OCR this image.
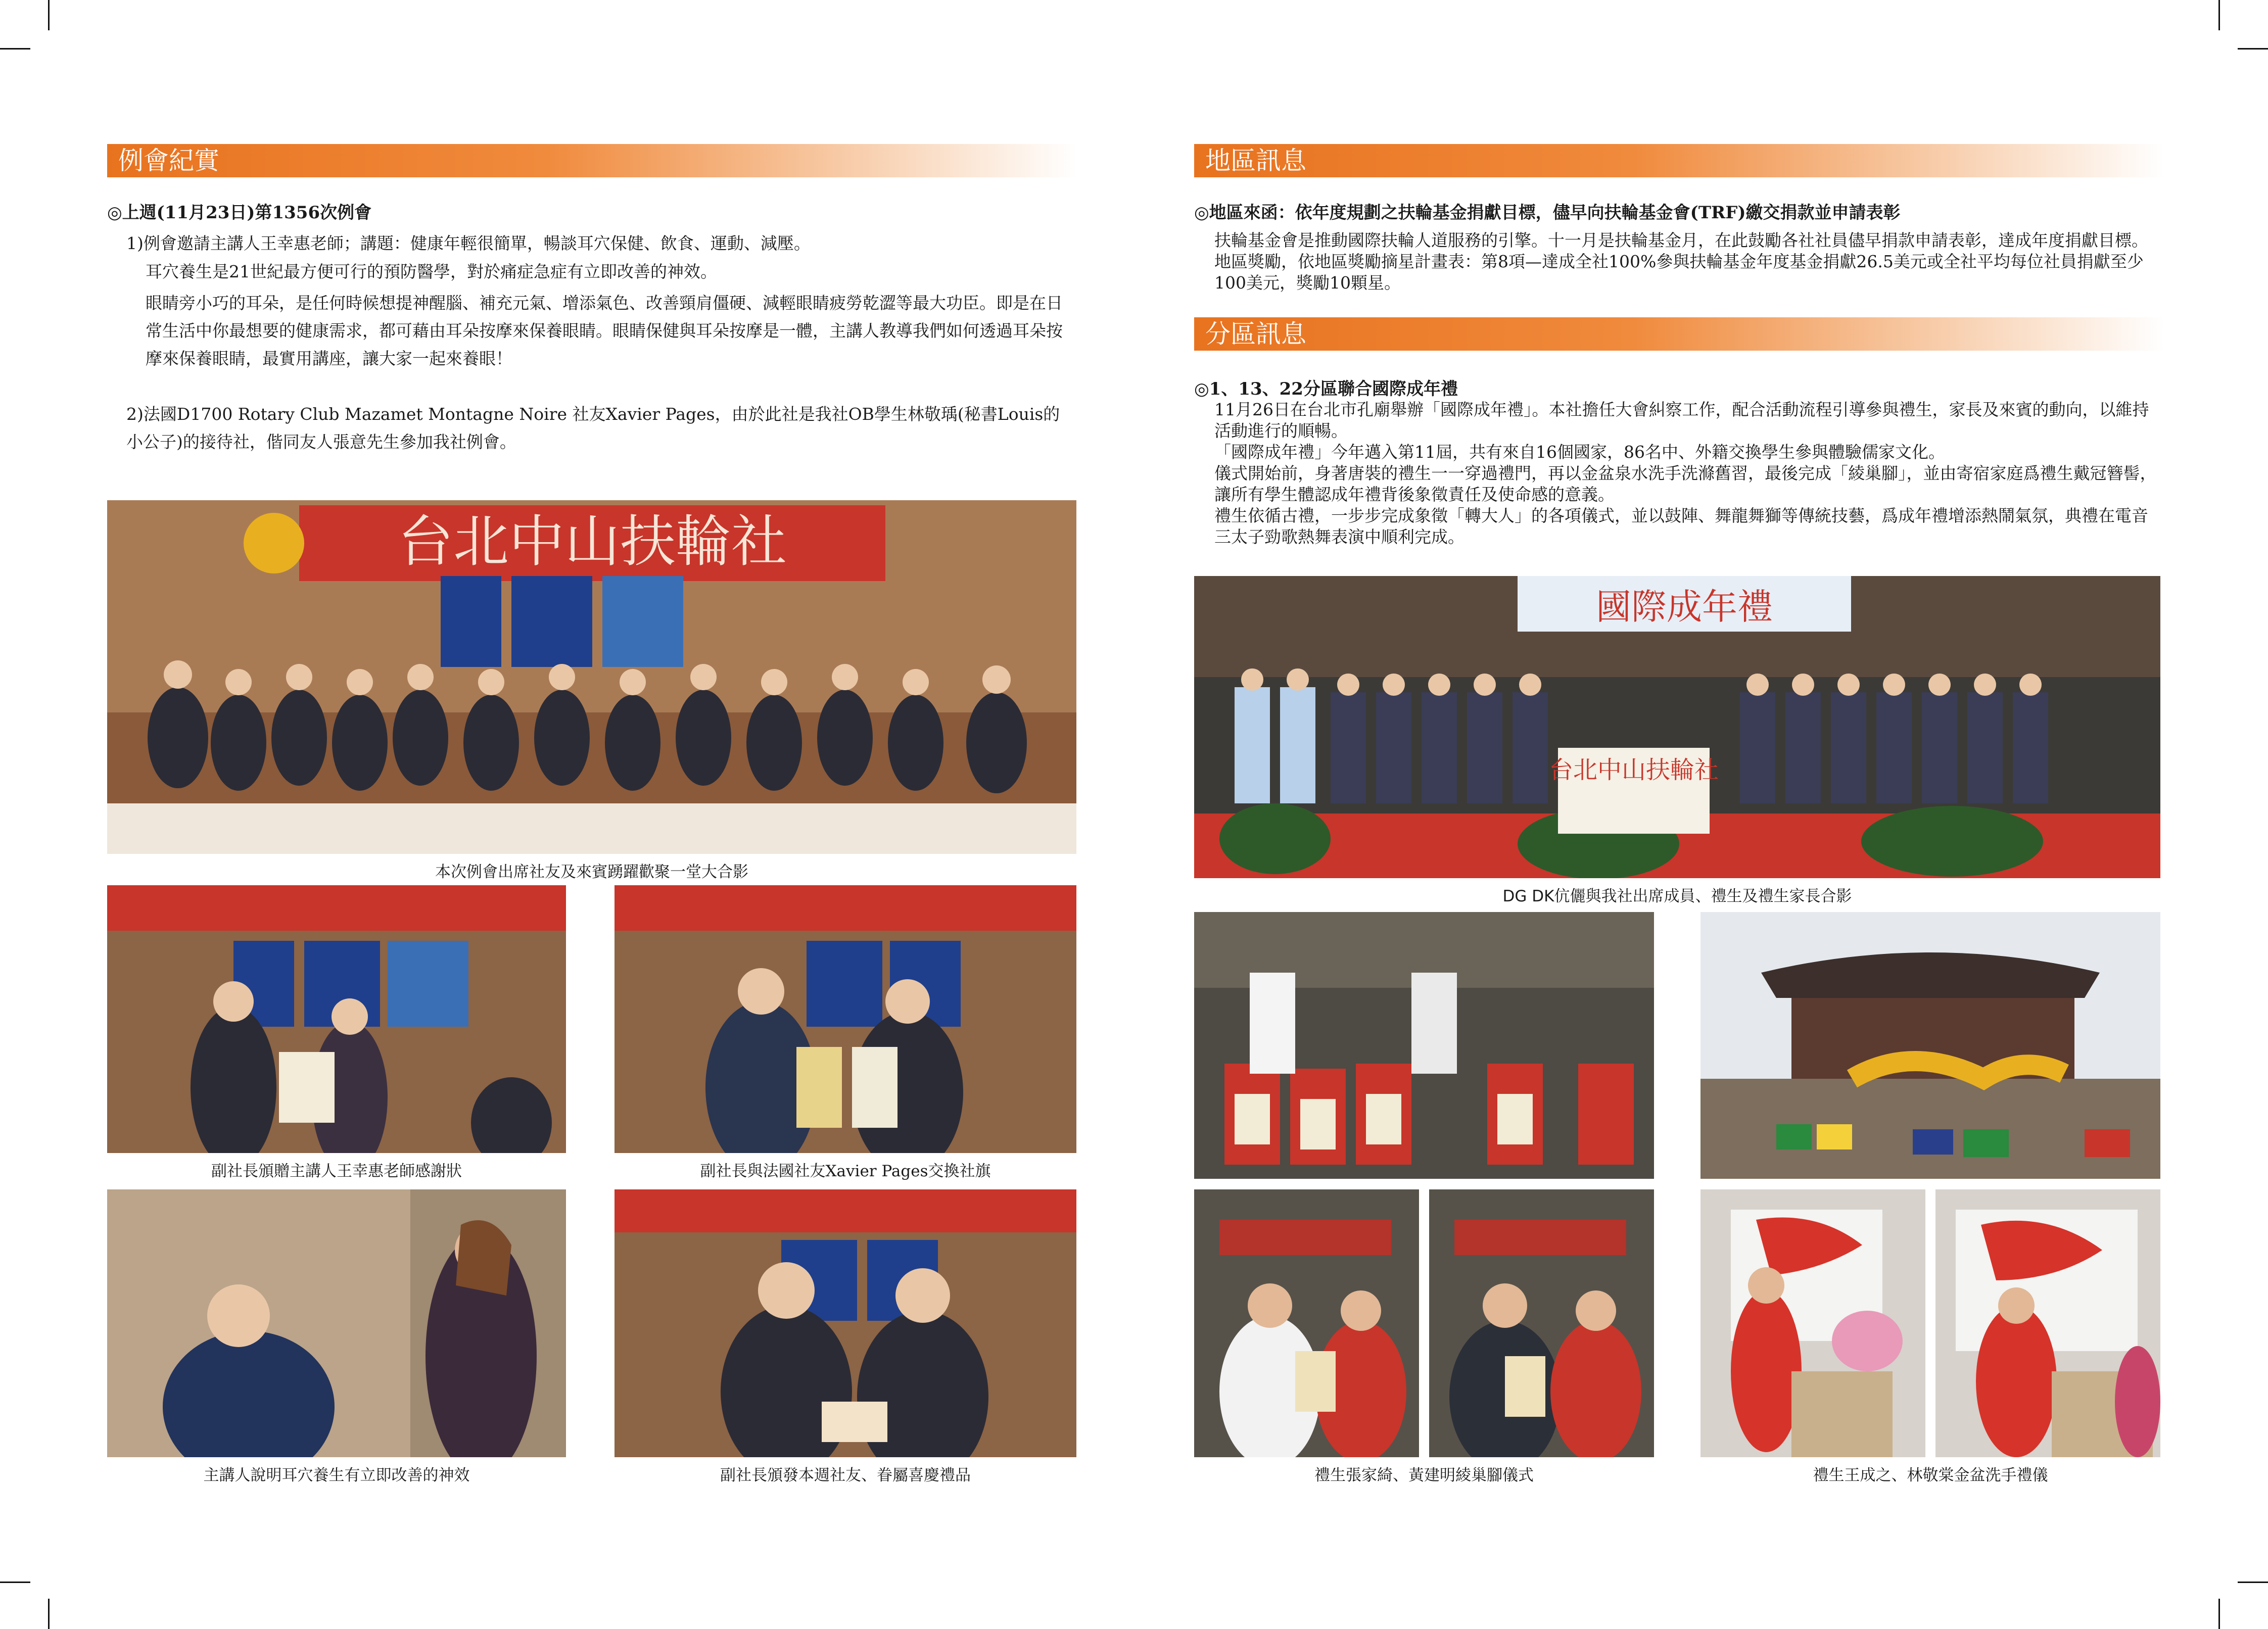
例會紀實
◎上週(11月23日)第1356次例會

1)例會邀請主講人王幸惠老師；講題：健康年輕很簡單，暢談耳穴保健、飲食、運動、減壓。

耳穴養生是21世紀最方便可行的預防醫學，對於痛症急症有立即改善的神效。

眼睛旁小巧的耳朵，是任何時候想提神醒腦、補充元氣、增添氣色、改善頸肩僵硬、減輕眼睛疲勞乾澀等最大功臣。即是在日常生活中你最想要的健康需求，都可藉由耳朵按摩來保養眼睛。眼睛保健與耳朵按摩是一體，主講人教導我們如何透過耳朵按摩來保養眼睛，最實用講座，讓大家一起來養眼！

2)法國D1700 Rotary Club Mazamet Montagne Noire 社友Xavier Pages，由於此社是我社OB學生林敬瑀(秘書Louis的小公子)的接待社，偕同友人張意先生參加我社例會。

台北中山扶輪社
本次例會出席社友及來賓踴躍歡聚一堂大合影
副社長頒贈主講人王幸惠老師感謝狀	副社長與法國社友Xavier Pages交換社旗
主講人說明耳穴養生有立即改善的神效	副社長頒發本週社友、眷屬喜慶禮品
地區訊息
◎地區來函：依年度規劃之扶輪基金捐獻目標，儘早向扶輪基金會(TRF)繳交捐款並申請表彰

扶輪基金會是推動國際扶輪人道服務的引擎。十一月是扶輪基金月，在此鼓勵各社社員儘早捐款申請表彰，達成年度捐獻目標。地區獎勵，依地區獎勵摘星計畫表：第8項—達成全社100%參與扶輪基金年度基金捐獻26.5美元或全社平均每位社員捐獻至少100美元，獎勵10顆星。

分區訊息
◎1、13、22分區聯合國際成年禮

11月26日在台北市孔廟舉辦「國際成年禮」。本社擔任大會糾察工作，配合活動流程引導參與禮生，家長及來賓的動向，以維持活動進行的順暢。

「國際成年禮」今年邁入第11屆，共有來自16個國家，86名中、外籍交換學生參與體驗儒家文化。

儀式開始前，身著唐裝的禮生一一穿過禮門，再以金盆泉水洗手洗滌舊習，最後完成「綾巢腳」，並由寄宿家庭爲禮生戴冠簪髻，讓所有學生體認成年禮背後象徵責任及使命感的意義。

禮生依循古禮，一步步完成象徵「轉大人」的各項儀式，並以鼓陣、舞龍舞獅等傳統技藝，爲成年禮增添熱鬧氣氛，典禮在電音三太子勁歌熱舞表演中順利完成。

國際成年禮
台北中山扶輪社
DG DK伉儷與我社出席成員、禮生及禮生家長合影
禮生張家綺、黃建明綾巢腳儀式	禮生王成之、林敬棠金盆洗手禮儀
